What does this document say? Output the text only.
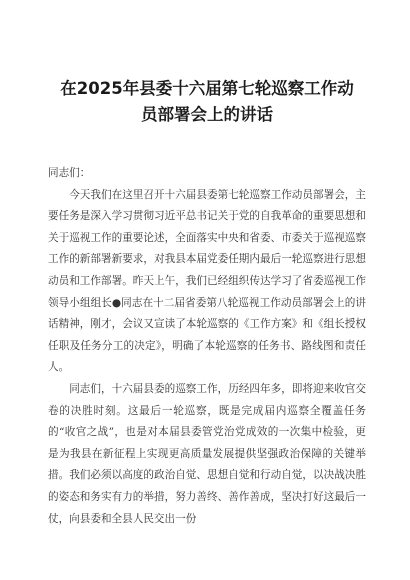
在2025年县委十六届第七轮巡察工作动
员部署会上的讲话
同志们：

今天我们在这里召开十六届县委第七轮巡察工作动员部署会，主要任务是深入学习贯彻习近平总书记关于党的自我革命的重要思想和关于巡视工作的重要论述，全面落实中央和省委、市委关于巡视巡察工作的新部署新要求，对我县本届党委任期内最后一轮巡察进行思想动员和工作部署。昨天上午，我们已经组织传达学习了省委巡视工作领导小组组长●同志在十二届省委第八轮巡视工作动员部署会上的讲话精神，刚才，会议又宣读了本轮巡察的《工作方案》和《组长授权任职及任务分工的决定》，明确了本轮巡察的任务书、路线图和责任人。

同志们，十六届县委的巡察工作，历经四年多，即将迎来收官交卷的决胜时刻。这最后一轮巡察，既是完成届内巡察全覆盖任务的“收官之战”，也是对本届县委管党治党成效的一次集中检验，更是为我县在新征程上实现更高质量发展提供坚强政治保障的关键举措。我们必须以高度的政治自觉、思想自觉和行动自觉，以决战决胜的姿态和务实有力的举措，努力善终、善作善成，坚决打好这最后一仗，向县委和全县人民交出一份
